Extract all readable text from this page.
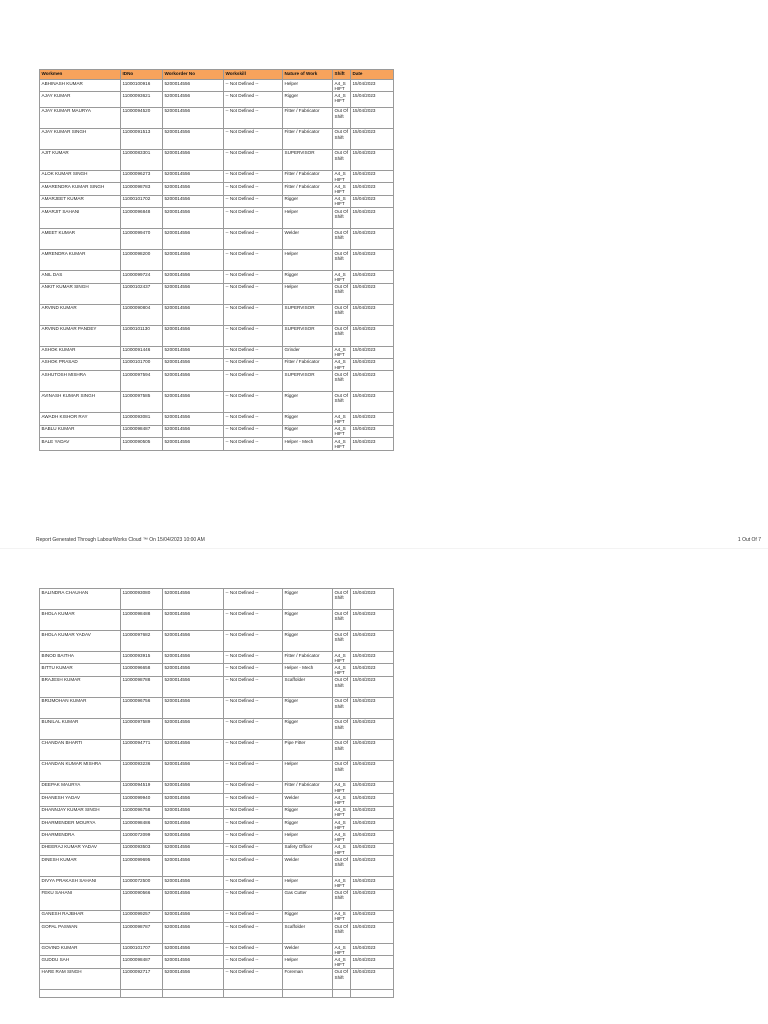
Workmen	IDNo	Workorder No	Workskill	Nature of Work	Shift	Date
ABHINASH KUMAR	11000100916	5200014556	-- Not Defined --	Helper	A4_SHIFT	15/04/2023
AJAY KUMAR	11000093621	5200014556	-- Not Defined --	Rigger	A4_SHIFT	15/04/2023
AJAY KUMAR MAURYA	11000094520	5200014556	-- Not Defined --	Fitter / Fabricator	Out Of Shift	15/04/2023
AJAY KUMAR SINGH	11000091513	5200014556	-- Not Defined --	Fitter / Fabricator	Out Of Shift	15/04/2023
AJIT KUMAR	11000083301	5200014556	-- Not Defined --	SUPERVISOR	Out Of Shift	15/04/2023
ALOK KUMAR SINGH	11000096273	5200014556	-- Not Defined --	Fitter / Fabricator	A4_SHIFT	15/04/2023
AMARENDRA KUMAR SINGH	11000098783	5200014556	-- Not Defined --	Fitter / Fabricator	A4_SHIFT	15/04/2023
AMARJEET KUMAR	11000101702	5200014556	-- Not Defined --	Rigger	A4_SHIFT	15/04/2023
AMARJIT SAHANI	11000096848	5200014556	-- Not Defined --	Helper	Out Of Shift	15/04/2023
AMEET KUMAR	11000099470	5200014556	-- Not Defined --	Welder	Out Of Shift	15/04/2023
AMRENDRA KUMAR	11000098200	5200014556	-- Not Defined --	Helper	Out Of Shift	15/04/2023
ANIL DAS	11000099724	5200014556	-- Not Defined --	Rigger	A4_SHIFT	15/04/2023
ANKIT KUMAR SINGH	11000102437	5200014556	-- Not Defined --	Helper	Out Of Shift	15/04/2023
ARVIND KUMAR	11000090804	5200014556	-- Not Defined --	SUPERVISOR	Out Of Shift	15/04/2023
ARVIND KUMAR PANDEY	11000101130	5200014556	-- Not Defined --	SUPERVISOR	Out Of Shift	15/04/2023
ASHOK KUMAR	11000091446	5200014556	-- Not Defined --	Grinder	A4_SHIFT	15/04/2023
ASHOK PRASAD	11000101700	5200014556	-- Not Defined --	Fitter / Fabricator	A4_SHIFT	15/04/2023
ASHUTOSH MISHRA	11000097594	5200014556	-- Not Defined --	SUPERVISOR	Out Of Shift	15/04/2023
AVINASH KUMAR SINGH	11000097585	5200014556	-- Not Defined --	Rigger	Out Of Shift	15/04/2023
AWADH KISHOR RAY	11000093081	5200014556	-- Not Defined --	Rigger	A4_SHIFT	15/04/2023
BABLU KUMAR	11000098487	5200014556	-- Not Defined --	Rigger	A4_SHIFT	15/04/2023
BALE YADAV	11000090505	5200014556	-- Not Defined --	Helper - Mech	A4_SHIFT	15/04/2023
Report Generated Through LabourWorks Cloud ™ On 15/04/2023 10:00 AM	1 Out Of 7
BALINDRA CHAUHAN	11000093080	5200014556	-- Not Defined --	Rigger	Out Of Shift	15/04/2023
BHOLA KUMAR	11000098488	5200014556	-- Not Defined --	Rigger	Out Of Shift	15/04/2023
BHOLA KUMAR YADAV	11000097682	5200014556	-- Not Defined --	Rigger	Out Of Shift	15/04/2023
BINOD BAITHA	11000093915	5200014556	-- Not Defined --	Fitter / Fabricator	A4_SHIFT	15/04/2023
BITTU KUMAR	11000096658	5200014556	-- Not Defined --	Helper - Mech	A4_SHIFT	15/04/2023
BRAJESH KUMAR	11000098788	5200014556	-- Not Defined --	Scaffolder	Out Of Shift	15/04/2023
BRIJMOHAN KUMAR	11000096756	5200014556	-- Not Defined --	Rigger	Out Of Shift	15/04/2023
BUNILAL KUMAR	11000097589	5200014556	-- Not Defined --	Rigger	Out Of Shift	15/04/2023
CHANDAN BHARTI	11000094771	5200014556	-- Not Defined --	Pipe Fitter	Out Of Shift	15/04/2023
CHANDAN KUMAR MISHRA	11000093236	5200014556	-- Not Defined --	Helper	Out Of Shift	15/04/2023
DEEPAK MAURYA	11000094519	5200014556	-- Not Defined --	Fitter / Fabricator	A4_SHIFT	15/04/2023
DHANESH YADAV	11000099940	5200014556	-- Not Defined --	Welder	A4_SHIFT	15/04/2023
DHANNJAY KUMAR SINGH	11000096758	5200014556	-- Not Defined --	Rigger	A4_SHIFT	15/04/2023
DHARMENDER MOURYA	11000098486	5200014556	-- Not Defined --	Rigger	A4_SHIFT	15/04/2023
DHARMENDRA	11000072099	5200014556	-- Not Defined --	Helper	A4_SHIFT	15/04/2023
DHEERAJ KUMAR YADAV	11000093503	5200014556	-- Not Defined --	Safety Officer	A4_SHIFT	15/04/2023
DINESH KUMAR	11000099695	5200014556	-- Not Defined --	Welder	Out Of Shift	15/04/2023
DIVYA PRAKASH SAHANI	11000072500	5200014556	-- Not Defined --	Helper	A4_SHIFT	15/04/2023
FEKU SAHANI	11000090566	5200014556	-- Not Defined --	Gas Cutter	Out Of Shift	15/04/2023
GANESH RAJBHAR	11000099257	5200014556	-- Not Defined --	Rigger	A4_SHIFT	15/04/2023
GOPAL PASWAN	11000098787	5200014556	-- Not Defined --	Scaffolder	Out Of Shift	15/04/2023
GOVIND KUMAR	11000101707	5200014556	-- Not Defined --	Welder	A4_SHIFT	15/04/2023
GUDDU SAH	11000098487	5200014556	-- Not Defined --	Helper	A4_SHIFT	15/04/2023
HARE RAM SINGH	11000092717	5200014556	-- Not Defined --	Foreman	Out Of Shift	15/04/2023
